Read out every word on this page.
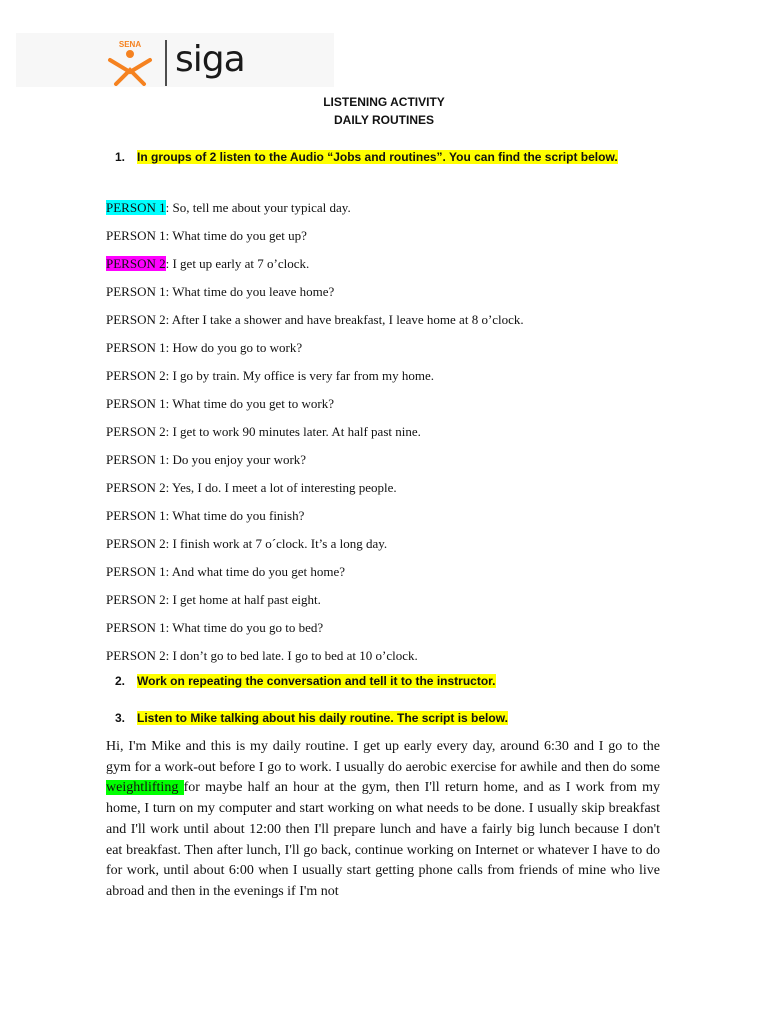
SENA siga
LISTENING ACTIVITY
DAILY ROUTINES
1. In groups of 2 listen to the Audio “Jobs and routines”. You can find the script below.
PERSON 1: So, tell me about your typical day.
PERSON 1: What time do you get up?
PERSON 2: I get up early at 7 o’clock.
PERSON 1: What time do you leave home?
PERSON 2: After I take a shower and have breakfast, I leave home at 8 o’clock.
PERSON 1: How do you go to work?
PERSON 2: I go by train. My office is very far from my home.
PERSON 1: What time do you get to work?
PERSON 2: I get to work 90 minutes later. At half past nine.
PERSON 1: Do you enjoy your work?
PERSON 2: Yes, I do. I meet a lot of interesting people.
PERSON 1: What time do you finish?
PERSON 2: I finish work at 7 o´clock. It’s a long day.
PERSON 1: And what time do you get home?
PERSON 2: I get home at half past eight.
PERSON 1: What time do you go to bed?
PERSON 2: I don’t go to bed late. I go to bed at 10 o’clock.
2. Work on repeating the conversation and tell it to the instructor.
3. Listen to Mike talking about his daily routine. The script is below.
Hi, I'm Mike and this is my daily routine. I get up early every day, around 6:30 and I go to the gym for a work-out before I go to work. I usually do aerobic exercise for awhile and then do some weightlifting for maybe half an hour at the gym, then I'll return home, and as I work from my home, I turn on my computer and start working on what needs to be done. I usually skip breakfast and I'll work until about 12:00 then I'll prepare lunch and have a fairly big lunch because I don't eat breakfast. Then after lunch, I'll go back, continue working on Internet or whatever I have to do for work, until about 6:00 when I usually start getting phone calls from friends of mine who live abroad and then in the evenings if I'm not
